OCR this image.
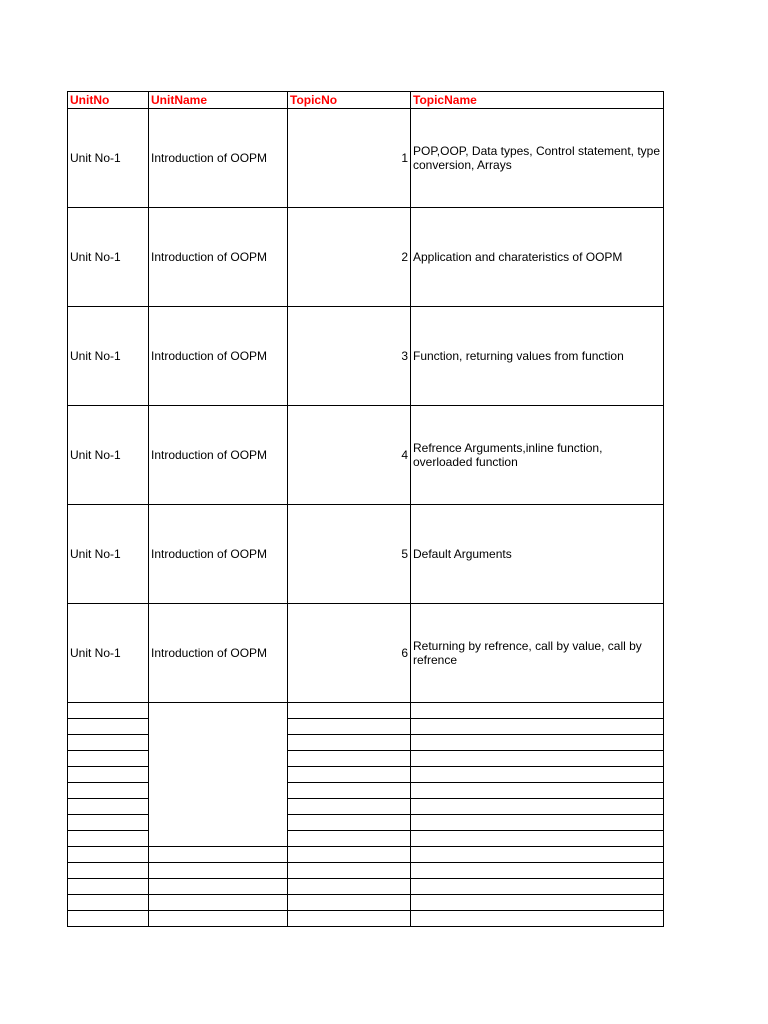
UnitNo	UnitName	TopicNo	TopicName
Unit No-1	Introduction of OOPM	1	POP,OOP, Data types, Control statement, type conversion, Arrays
Unit No-1	Introduction of OOPM	2	Application and charateristics of OOPM
Unit No-1	Introduction of OOPM	3	Function, returning values from function
Unit No-1	Introduction of OOPM	4	Refrence Arguments,inline function, overloaded function
Unit No-1	Introduction of OOPM	5	Default Arguments
Unit No-1	Introduction of OOPM	6	Returning by refrence, call by value, call by refrence
